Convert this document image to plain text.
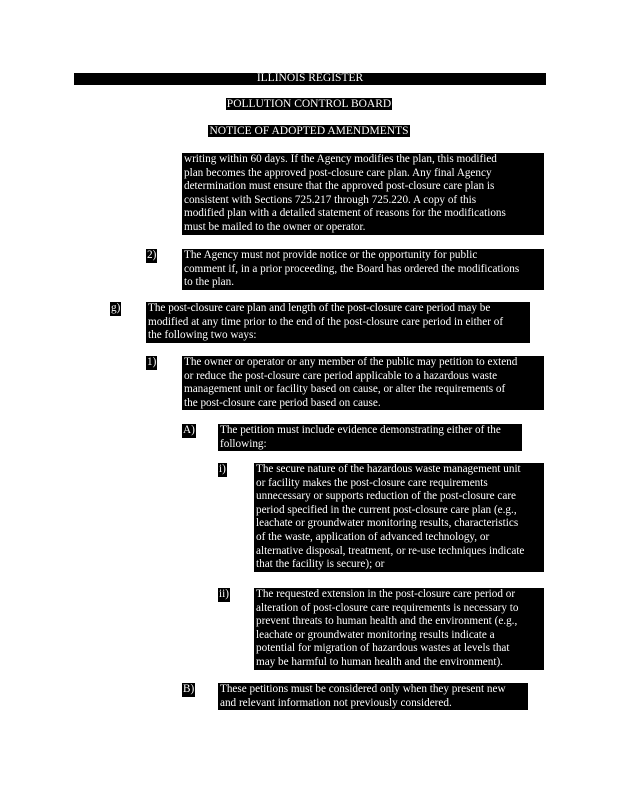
ILLINOIS REGISTER
POLLUTION CONTROL BOARD
NOTICE OF ADOPTED AMENDMENTS
writing within 60 days. If the Agency modifies the plan, this modified
plan becomes the approved post-closure care plan. Any final Agency
determination must ensure that the approved post-closure care plan is
consistent with Sections 725.217 through 725.220. A copy of this
modified plan with a detailed statement of reasons for the modifications
must be mailed to the owner or operator.
2) The Agency must not provide notice or the opportunity for public
comment if, in a prior proceeding, the Board has ordered the modifications
to the plan.
g) The post-closure care plan and length of the post-closure care period may be
modified at any time prior to the end of the post-closure care period in either of
the following two ways:
1) The owner or operator or any member of the public may petition to extend
or reduce the post-closure care period applicable to a hazardous waste
management unit or facility based on cause, or alter the requirements of
the post-closure care period based on cause.
A) The petition must include evidence demonstrating either of the
following:
i)	The secure nature of the hazardous waste management unit
or facility makes the post-closure care requirements
unnecessary or supports reduction of the post-closure care
period specified in the current post-closure care plan (e.g.,
leachate or groundwater monitoring results, characteristics
of the waste, application of advanced technology, or
alternative disposal, treatment, or re-use techniques indicate
that the facility is secure); or
ii) The requested extension in the post-closure care period or
alteration of post-closure care requirements is necessary to
prevent threats to human health and the environment (e.g.,
leachate or groundwater monitoring results indicate a
potential for migration of hazardous wastes at levels that
may be harmful to human health and the environment).
B) These petitions must be considered only when they present new
and relevant information not previously considered.
